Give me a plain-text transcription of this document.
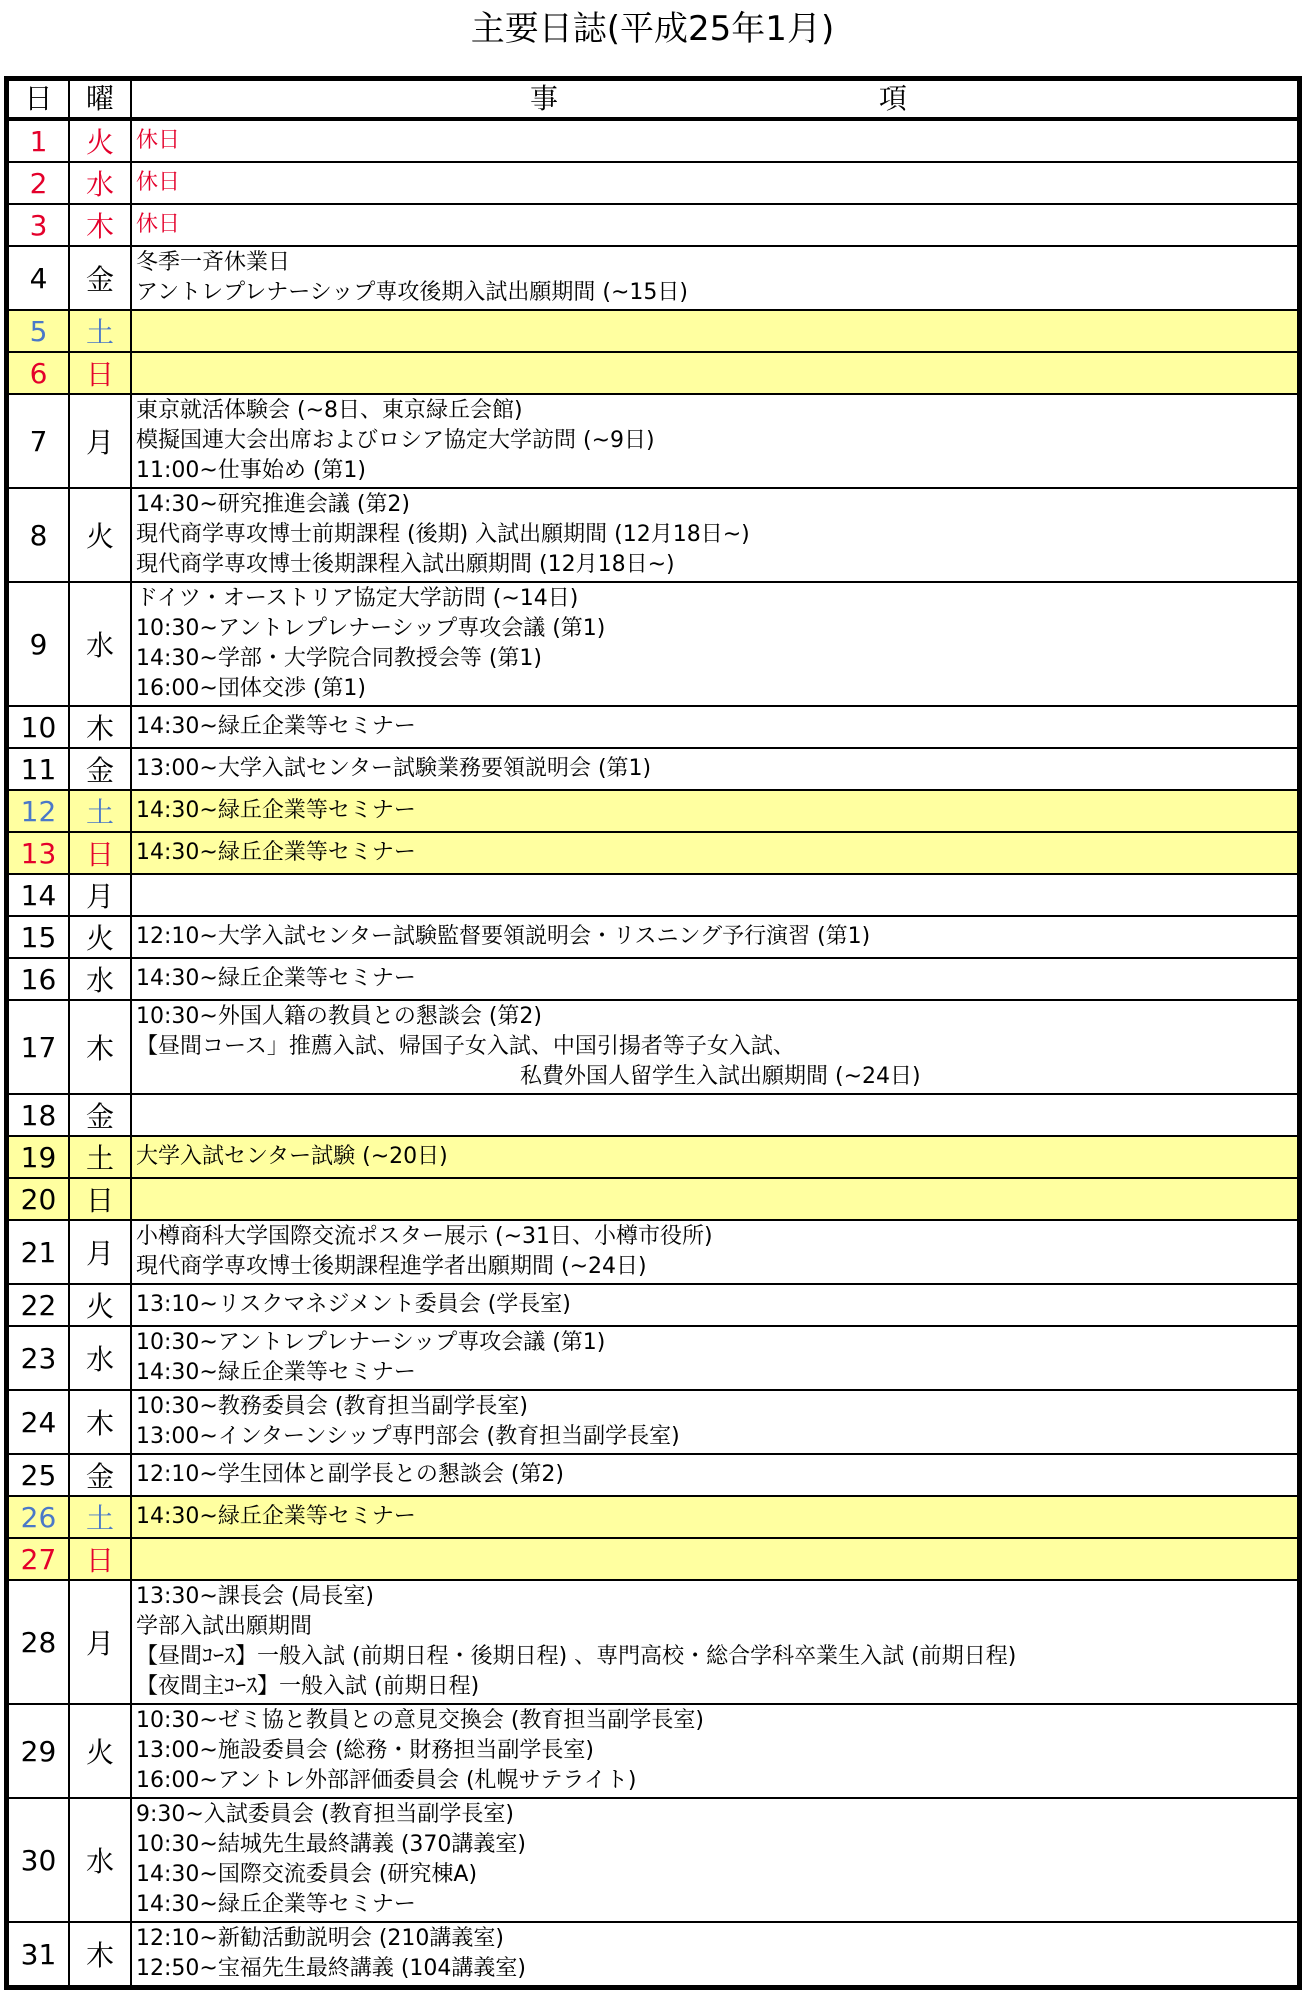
主要日誌(平成25年1月)
日	曜	事 項
1	火	休日

2	水	休日

3	木	休日

4	金	冬季一斉休業日
アントレプレナーシップ専攻後期入試出願期間 (~15日)

5	土	
6	日	
7	月	東京就活体験会 (~8日、東京緑丘会館)
模擬国連大会出席およびロシア協定大学訪問 (~9日)
11:00~仕事始め (第1)

8	火	14:30~研究推進会議 (第2)
現代商学専攻博士前期課程 (後期) 入試出願期間 (12月18日~)
現代商学専攻博士後期課程入試出願期間 (12月18日~)

9	水	ドイツ・オーストリア協定大学訪問 (~14日)
10:30~アントレプレナーシップ専攻会議 (第1)
14:30~学部・大学院合同教授会等 (第1)
16:00~団体交渉 (第1)

10	木	14:30~緑丘企業等セミナー

11	金	13:00~大学入試センター試験業務要領説明会 (第1)

12	土	14:30~緑丘企業等セミナー

13	日	14:30~緑丘企業等セミナー

14	月	
15	火	12:10~大学入試センター試験監督要領説明会・リスニング予行演習 (第1)

16	水	14:30~緑丘企業等セミナー

17	木	10:30~外国人籍の教員との懇談会 (第2)
【昼間コース」推薦入試、帰国子女入試、中国引揚者等子女入試、
私費外国人留学生入試出願期間 (~24日)

18	金	
19	土	大学入試センター試験 (~20日)

20	日	
21	月	小樽商科大学国際交流ポスター展示 (~31日、小樽市役所)
現代商学専攻博士後期課程進学者出願期間 (~24日)

22	火	13:10~リスクマネジメント委員会 (学長室)

23	水	10:30~アントレプレナーシップ専攻会議 (第1)
14:30~緑丘企業等セミナー

24	木	10:30~教務委員会 (教育担当副学長室)
13:00~インターンシップ専門部会 (教育担当副学長室)

25	金	12:10~学生団体と副学長との懇談会 (第2)

26	土	14:30~緑丘企業等セミナー

27	日	
28	月	13:30~課長会 (局長室)
学部入試出願期間
【昼間ｺｰｽ】一般入試 (前期日程・後期日程) 、専門高校・総合学科卒業生入試 (前期日程)
【夜間主ｺｰｽ】一般入試 (前期日程)

29	火	10:30~ゼミ協と教員との意見交換会 (教育担当副学長室)
13:00~施設委員会 (総務・財務担当副学長室)
16:00~アントレ外部評価委員会 (札幌サテライト)

30	水	9:30~入試委員会 (教育担当副学長室)
10:30~結城先生最終講義 (370講義室)
14:30~国際交流委員会 (研究棟A)
14:30~緑丘企業等セミナー

31	木	12:10~新勧活動説明会 (210講義室)
12:50~宝福先生最終講義 (104講義室)
